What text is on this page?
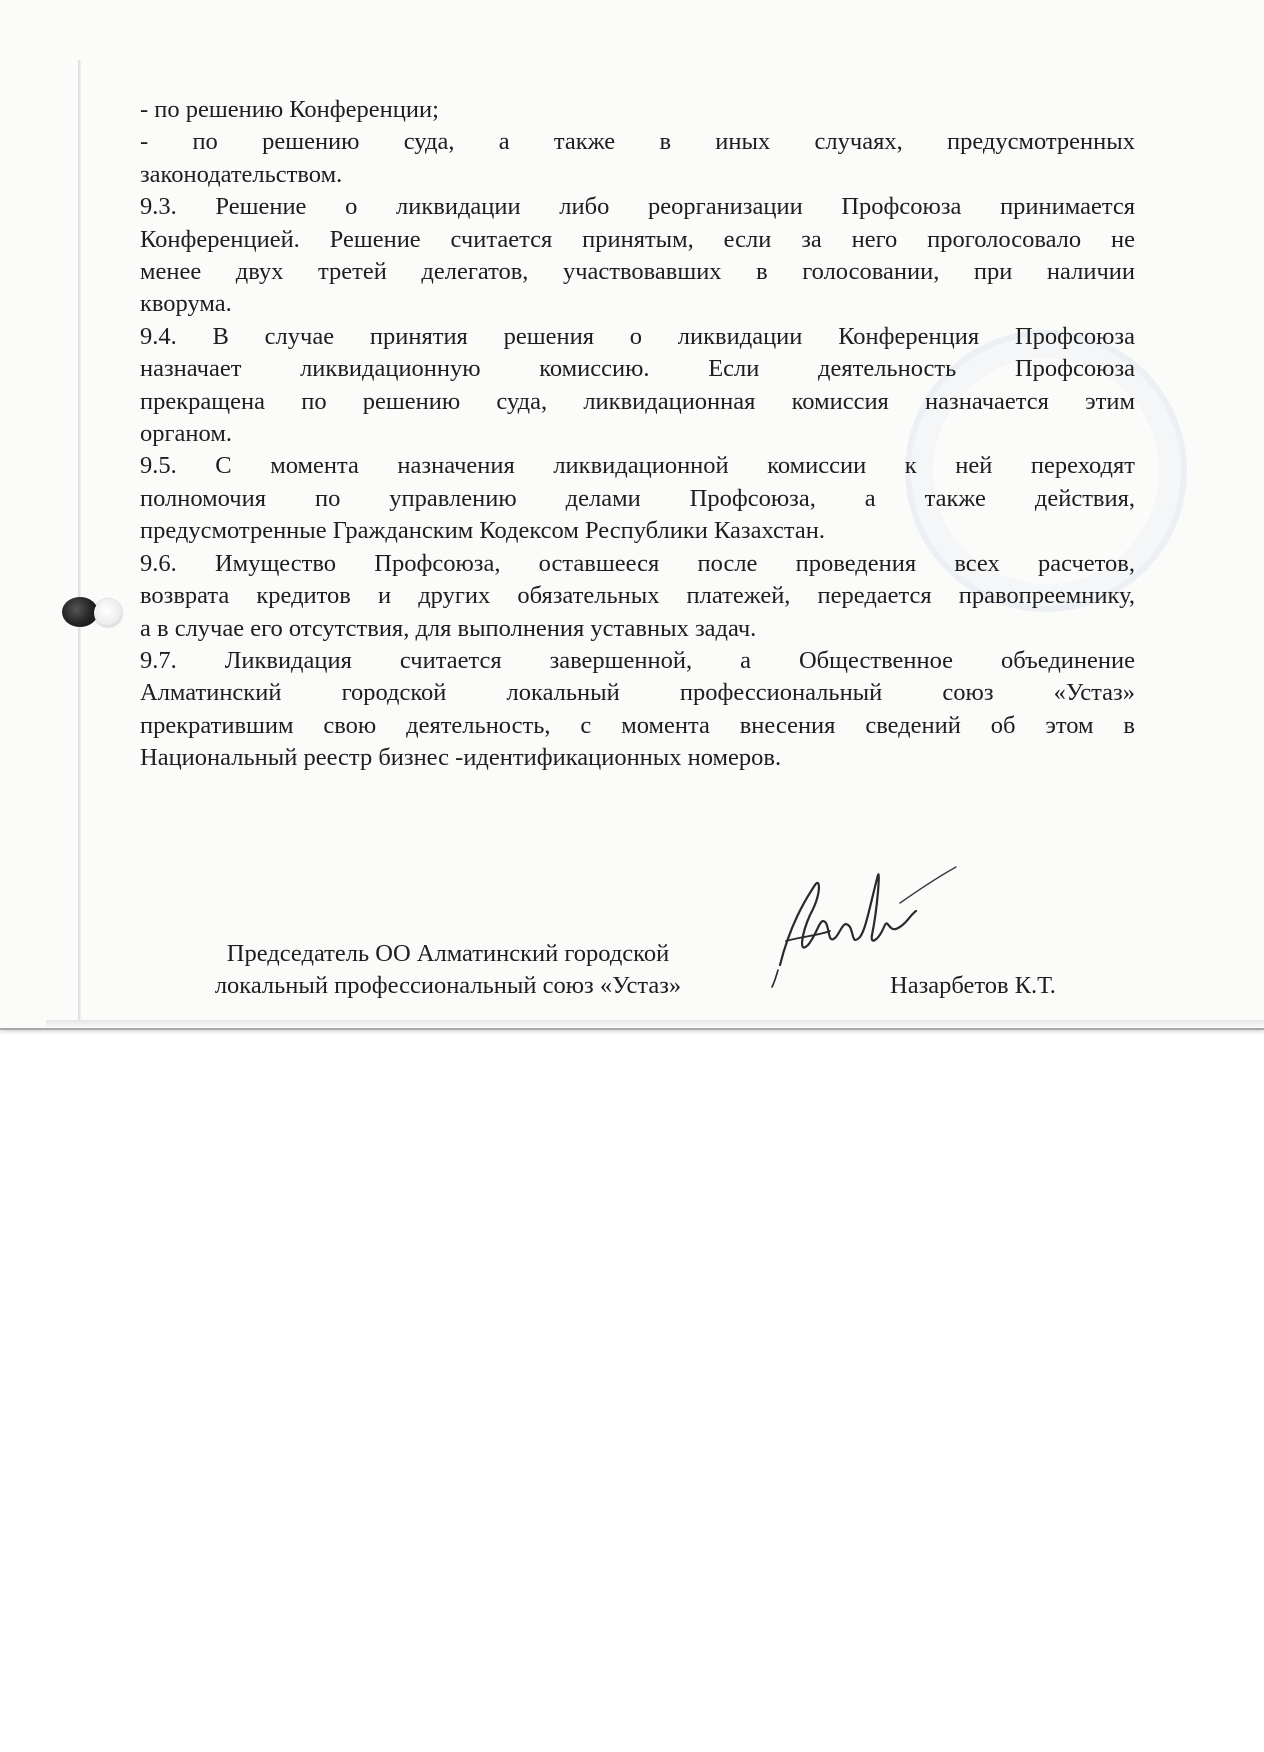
- по решению Конференции;
- по решению суда, а также в иных случаях, предусмотренных
законодательством.
9.3. Решение о ликвидации либо реорганизации Профсоюза принимается
Конференцией. Решение считается принятым, если за него проголосовало не
менее двух третей делегатов, участвовавших в голосовании, при наличии
кворума.
9.4. В случае принятия решения о ликвидации Конференция Профсоюза
назначает ликвидационную комиссию. Если деятельность Профсоюза
прекращена по решению суда, ликвидационная комиссия назначается этим
органом.
9.5. С момента назначения ликвидационной комиссии к ней переходят
полномочия по управлению делами Профсоюза, а также действия,
предусмотренные Гражданским Кодексом Республики Казахстан.
9.6. Имущество Профсоюза, оставшееся после проведения всех расчетов,
возврата кредитов и других обязательных платежей, передается правопреемнику,
а в случае его отсутствия, для выполнения уставных задач.
9.7. Ликвидация считается завершенной, а Общественное объединение
Алматинский городской локальный профессиональный союз «Устаз»
прекратившим свою деятельность, с момента внесения сведений об этом в
Национальный реестр бизнес -идентификационных номеров.
Председатель ОО Алматинский городской
локальный профессиональный союз «Устаз»	Назарбетов К.Т.
